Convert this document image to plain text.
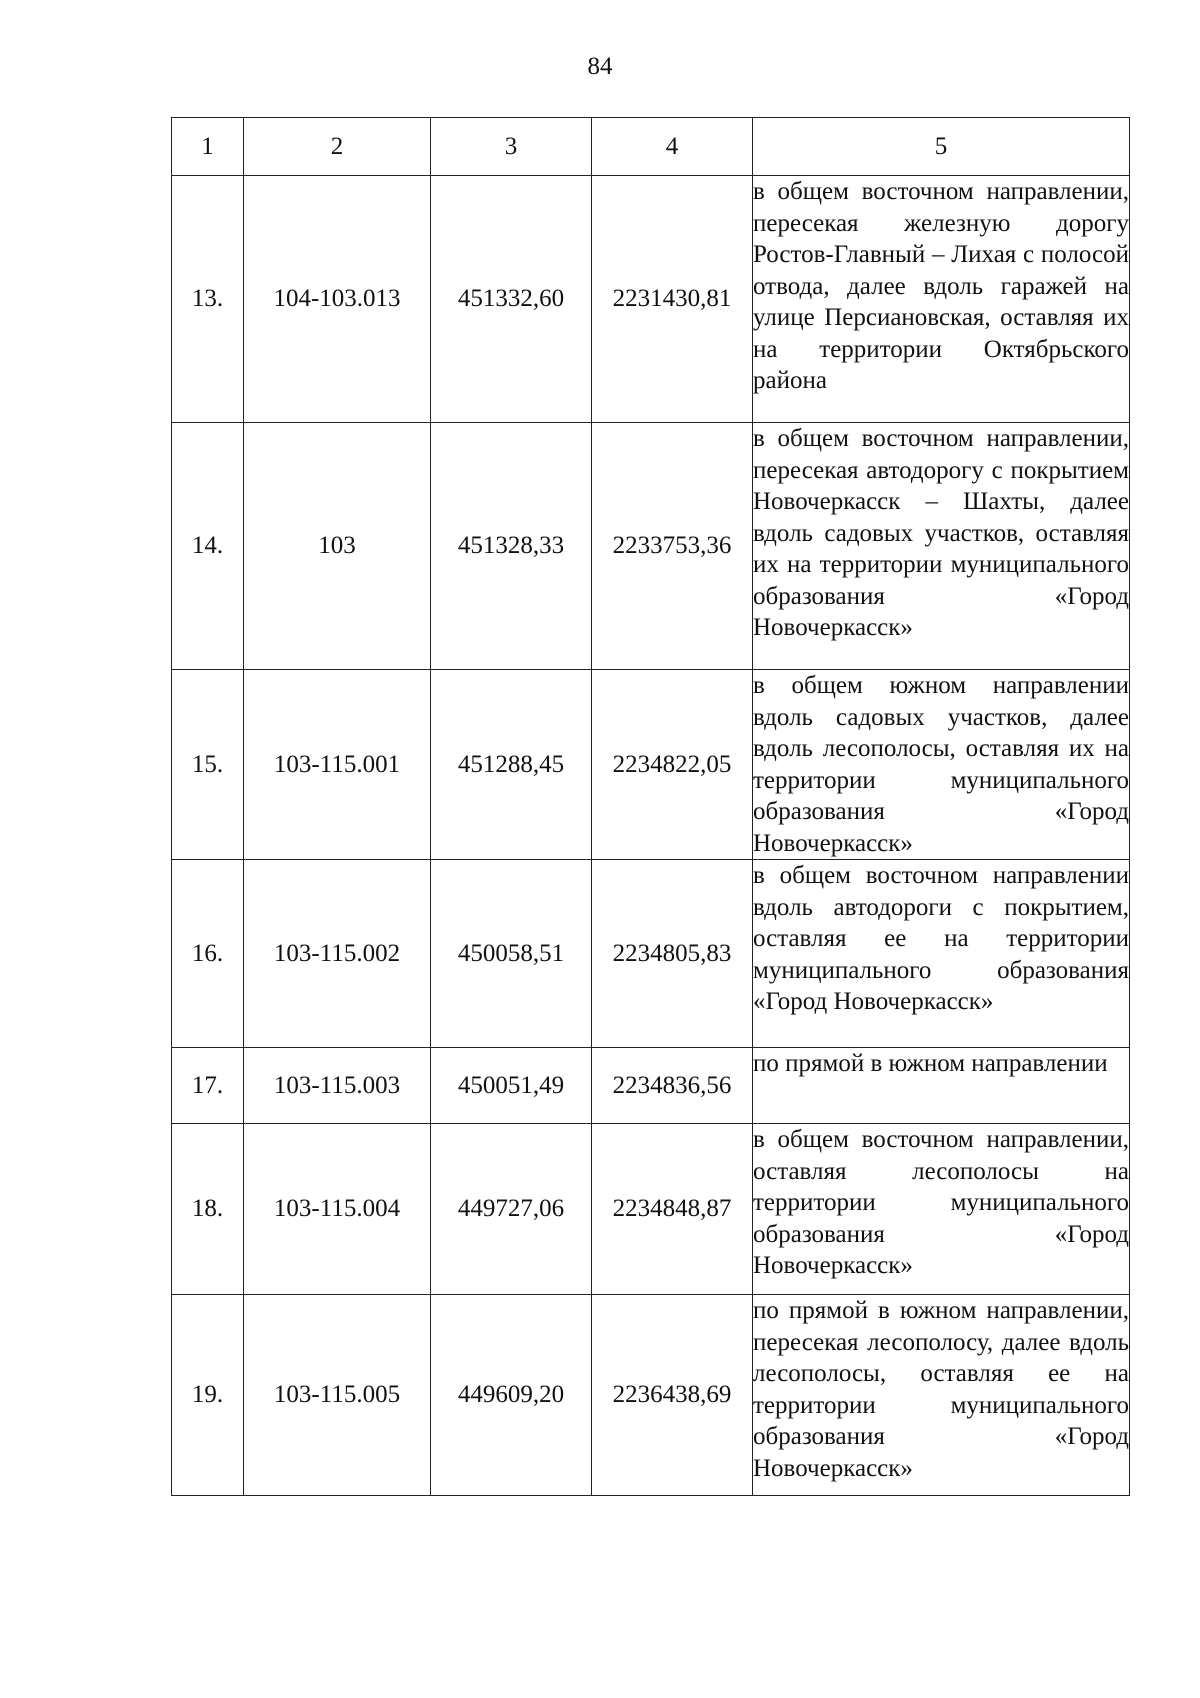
84
1	2	3	4	5
13.	104-103.013	451332,60	2231430,81	в общем восточном направлении, пересекая железную дорогу Ростов-Главный – Лихая с полосой отвода, далее вдоль гаражей на улице Персиановская, оставляя их на территории Октябрьского района
14.	103	451328,33	2233753,36	в общем восточном направлении, пересекая автодорогу с покрытием Новочеркасск – Шахты, далее вдоль садовых участков, оставляя их на территории муниципального образования «Город Новочеркасск»
15.	103-115.001	451288,45	2234822,05	в общем южном направлении вдоль садовых участков, далее вдоль лесополосы, оставляя их на территории муниципального образования «Город Новочеркасск»
16.	103-115.002	450058,51	2234805,83	в общем восточном направлении вдоль автодороги с покрытием, оставляя ее на территории муниципального образования «Город Новочеркасск»
17.	103-115.003	450051,49	2234836,56	по прямой в южном направлении
18.	103-115.004	449727,06	2234848,87	в общем восточном направлении, оставляя лесополосы на территории муниципального образования «Город Новочеркасск»
19.	103-115.005	449609,20	2236438,69	по прямой в южном направлении, пересекая лесополосу, далее вдоль лесополосы, оставляя ее на территории муниципального образования «Город Новочеркасск»
